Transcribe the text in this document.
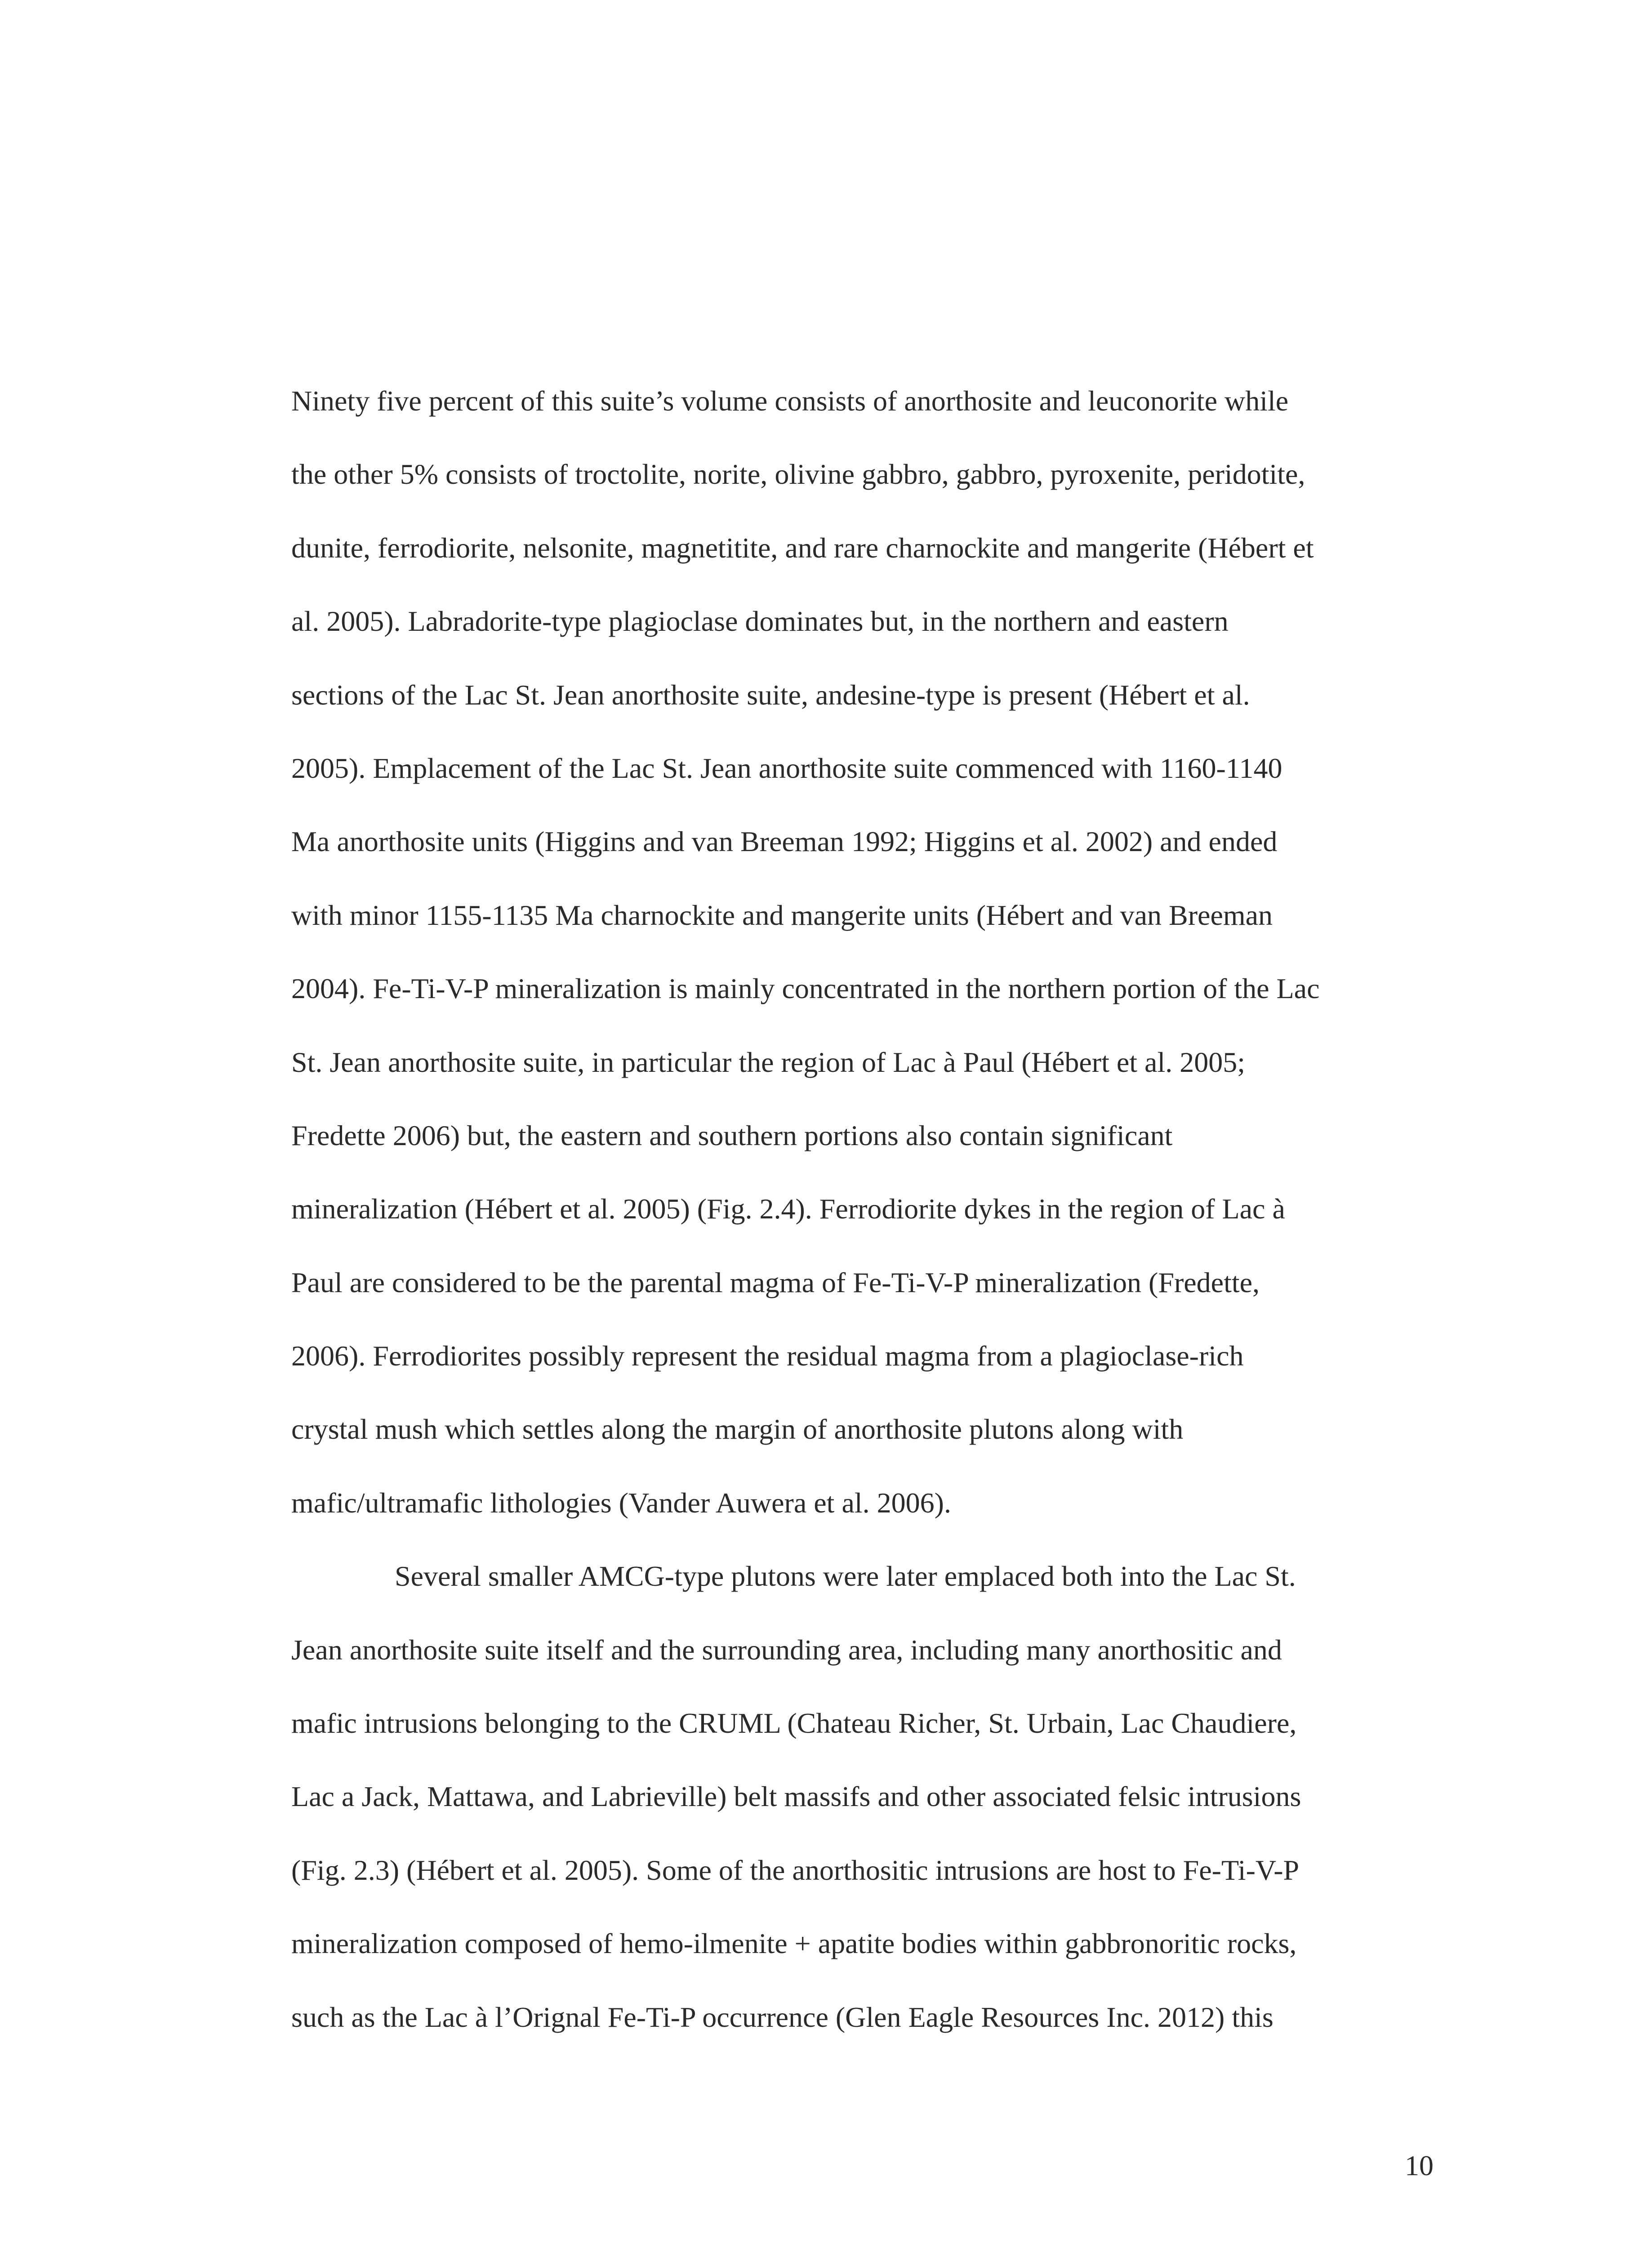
Ninety five percent of this suite’s volume consists of anorthosite and leuconorite while
the other 5% consists of troctolite, norite, olivine gabbro, gabbro, pyroxenite, peridotite,
dunite, ferrodiorite, nelsonite, magnetitite, and rare charnockite and mangerite (Hébert et
al. 2005). Labradorite-type plagioclase dominates but, in the northern and eastern
sections of the Lac St. Jean anorthosite suite, andesine-type is present (Hébert et al.
2005). Emplacement of the Lac St. Jean anorthosite suite commenced with 1160-1140
Ma anorthosite units (Higgins and van Breeman 1992; Higgins et al. 2002) and ended
with minor 1155-1135 Ma charnockite and mangerite units (Hébert and van Breeman
2004). Fe-Ti-V-P mineralization is mainly concentrated in the northern portion of the Lac
St. Jean anorthosite suite, in particular the region of Lac à Paul (Hébert et al. 2005;
Fredette 2006) but, the eastern and southern portions also contain significant
mineralization (Hébert et al. 2005) (Fig. 2.4). Ferrodiorite dykes in the region of Lac à
Paul are considered to be the parental magma of Fe-Ti-V-P mineralization (Fredette,
2006). Ferrodiorites possibly represent the residual magma from a plagioclase-rich
crystal mush which settles along the margin of anorthosite plutons along with
mafic/ultramafic lithologies (Vander Auwera et al. 2006).
Several smaller AMCG-type plutons were later emplaced both into the Lac St.
Jean anorthosite suite itself and the surrounding area, including many anorthositic and
mafic intrusions belonging to the CRUML (Chateau Richer, St. Urbain, Lac Chaudiere,
Lac a Jack, Mattawa, and Labrieville) belt massifs and other associated felsic intrusions
(Fig. 2.3) (Hébert et al. 2005). Some of the anorthositic intrusions are host to Fe-Ti-V-P
mineralization composed of hemo-ilmenite + apatite bodies within gabbronoritic rocks,
such as the Lac à l’Orignal Fe-Ti-P occurrence (Glen Eagle Resources Inc. 2012) this
10
